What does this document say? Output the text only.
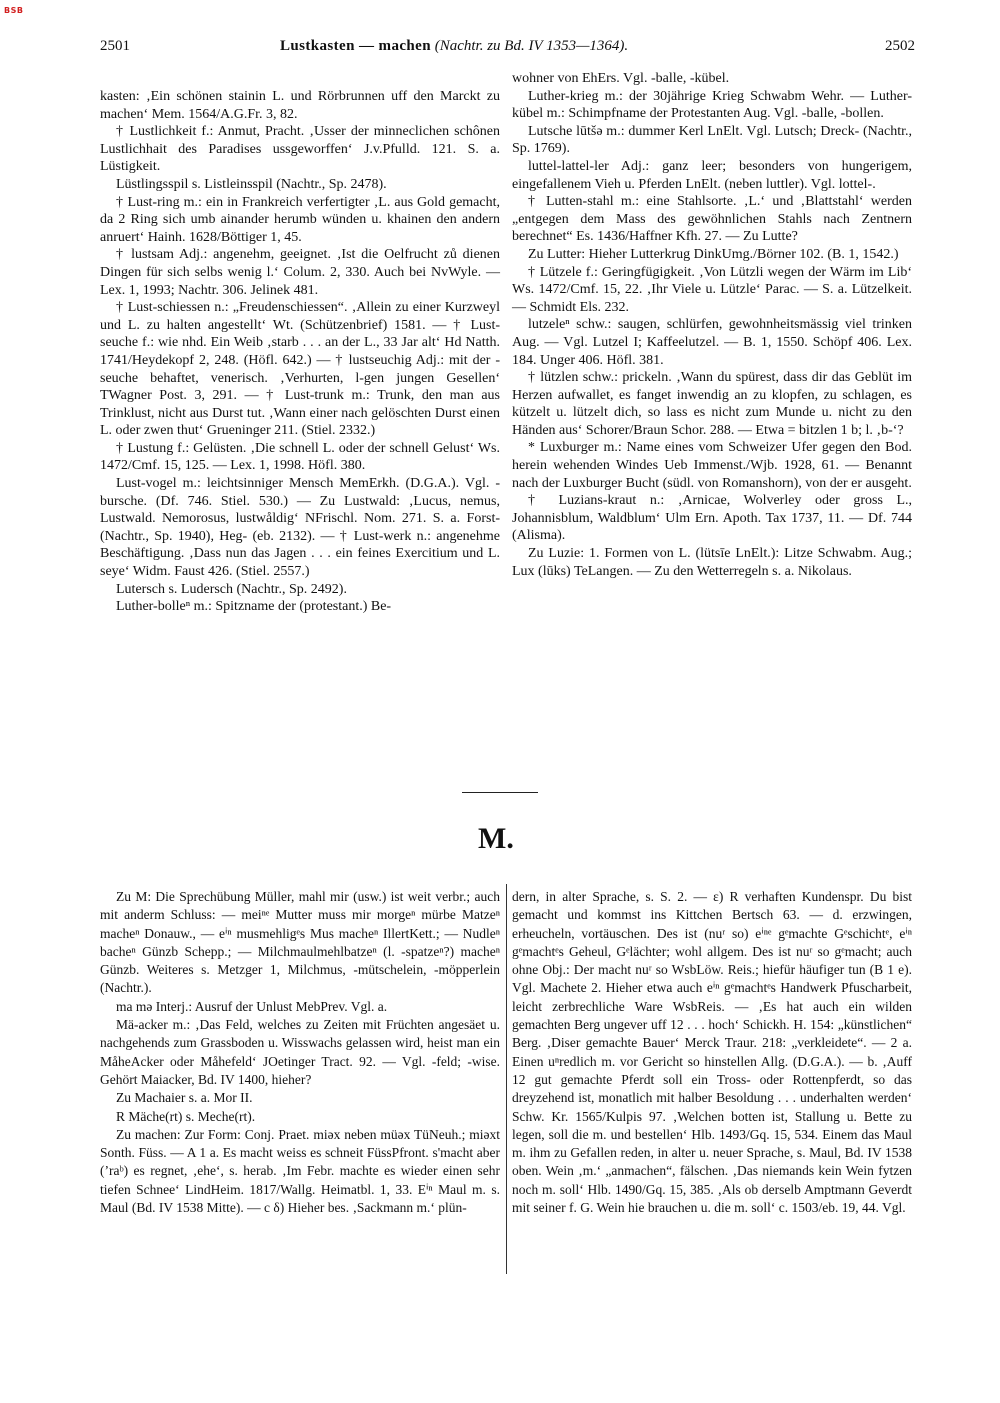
BSB
2501	Lustkasten — machen (Nachtr. zu Bd. IV 1353—1364).	2502

kasten: ‚Ein schönen stainin L. und Rörbrunnen uff den Marckt zu machen‘ Mem. 1564/A.G.Fr. 3, 82.

† Lustlichkeit f.: Anmut, Pracht. ‚Usser der minneclichen schônen Lustlichhait des Paradises ussgeworffen‘ J.v.Pfulld. 121. S. a. Lüstigkeit.

Lüstlingsspil s. Listleinsspil (Nachtr., Sp. 2478).

† Lust-ring m.: ein in Frankreich verfertigter ‚L. aus Gold gemacht, da 2 Ring sich umb ainander herumb wünden u. khainen den andern anruert‘ Hainh. 1628/Böttiger 1, 45.

† lustsam Adj.: angenehm, geeignet. ‚Ist die Oelfrucht zů dienen Dingen für sich selbs wenig l.‘ Colum. 2, 330. Auch bei NvWyle. — Lex. 1, 1993; Nachtr. 306. Jelinek 481.

† Lust-schiessen n.: „Freudenschiessen“. ‚Allein zu einer Kurzweyl und L. zu halten angestellt‘ Wt. (Schützenbrief) 1581. — † Lust-seuche f.: wie nhd. Ein Weib ‚starb . . . an der L., 33 Jar alt‘ Hd Natth. 1741/Heydekopf 2, 248. (Höfl. 642.) — † lustseuchig Adj.: mit der -seuche behaftet, venerisch. ‚Verhurten, l-gen jungen Gesellen‘ TWagner Post. 3, 291. — † Lust-trunk m.: Trunk, den man aus Trinklust, nicht aus Durst tut. ‚Wann einer nach gelöschten Durst einen L. oder zwen thut‘ Grueninger 211. (Stiel. 2332.)

† Lustung f.: Gelüsten. ‚Die schnell L. oder der schnell Gelust‘ Ws. 1472/Cmf. 15, 125. — Lex. 1, 1998. Höfl. 380.

Lust-vogel m.: leichtsinniger Mensch MemErkh. (D.G.A.). Vgl. -bursche. (Df. 746. Stiel. 530.) — Zu Lustwald: ‚Lucus, nemus, Lustwald. Nemorosus, lustwåldig‘ NFrischl. Nom. 271. S. a. Forst- (Nachtr., Sp. 1940), Heg- (eb. 2132). — † Lust-werk n.: angenehme Beschäftigung. ‚Dass nun das Jagen . . . ein feines Exercitium und L. seye‘ Widm. Faust 426. (Stiel. 2557.)

Lutersch s. Ludersch (Nachtr., Sp. 2492).

Luther-bolleⁿ m.: Spitzname der (protestant.) Be-

wohner von EhErs. Vgl. -balle, -kübel.

Luther-krieg m.: der 30jährige Krieg Schwabm Wehr. — Luther-kübel m.: Schimpfname der Protestanten Aug. Vgl. -balle, -bollen.

Lutsche lūtšə m.: dummer Kerl LnElt. Vgl. Lutsch; Dreck- (Nachtr., Sp. 1769).

luttel-lattel-ler Adj.: ganz leer; besonders von hungerigem, eingefallenem Vieh u. Pferden LnElt. (neben luttler). Vgl. lottel-.

† Lutten-stahl m.: eine Stahlsorte. ‚L.‘ und ‚Blattstahl‘ werden „entgegen dem Mass des gewöhnlichen Stahls nach Zentnern berechnet“ Es. 1436/Haffner Kfh. 27. — Zu Lutte?

Zu Lutter: Hieher Lutterkrug DinkUmg./Börner 102. (B. 1, 1542.)

† Lützele f.: Geringfügigkeit. ‚Von Lützli wegen der Wärm im Lib‘ Ws. 1472/Cmf. 15, 22. ‚Ihr Viele u. Lützle‘ Parac. — S. a. Lützelkeit. — Schmidt Els. 232.

lutzeleⁿ schw.: saugen, schlürfen, gewohnheitsmässig viel trinken Aug. — Vgl. Lutzel I; Kaffeelutzel. — B. 1, 1550. Schöpf 406. Lex. 184. Unger 406. Höfl. 381.

† lützlen schw.: prickeln. ‚Wann du spürest, dass dir das Geblüt im Herzen aufwallet, es fanget inwendig an zu klopfen, zu schlagen, es kützelt u. lützelt dich, so lass es nicht zum Munde u. nicht zu den Händen aus‘ Schorer/Braun Schor. 288. — Etwa = bitzlen 1 b; l. ‚b-‘?

* Luxburger m.: Name eines vom Schweizer Ufer gegen den Bod. herein wehenden Windes Ueb Immenst./Wjb. 1928, 61. — Benannt nach der Luxburger Bucht (südl. von Romanshorn), von der er ausgeht.

† Luzians-kraut n.: ‚Arnicae, Wolverley oder gross L., Johannisblum, Waldblum‘ Ulm Ern. Apoth. Tax 1737, 11. — Df. 744 (Alisma).

Zu Luzie: 1. Formen von L. (lütsīe LnElt.): Litze Schwabm. Aug.; Lux (lūks) TeLangen. — Zu den Wetterregeln s. a. Nikolaus.

M.

Zu M: Die Sprechübung Müller, mahl mir (usw.) ist weit verbr.; auch mit anderm Schluss: — meiⁿᵉ Mutter muss mir morgeⁿ mürbe Matzeⁿ macheⁿ Donauw., — eⁱⁿ musmehligᵉs Mus macheⁿ IllertKett.; — Nudleⁿ bacheⁿ Günzb Schepp.; — Milchmaulmehlbatzeⁿ (l. -spatzeⁿ?) macheⁿ Günzb. Weiteres s. Metzger 1, Milchmus, -mütschelein, -möpperlein (Nachtr.).

ma mə Interj.: Ausruf der Unlust MebPrev. Vgl. a.

Mä-acker m.: ‚Das Feld, welches zu Zeiten mit Früchten angesäet u. nachgehends zum Grassboden u. Wisswachs gelassen wird, heist man ein MåheAcker oder Måhefeld‘ JOetinger Tract. 92. — Vgl. -feld; -wise. Gehört Maiacker, Bd. IV 1400, hieher?

Zu Machaier s. a. Mor II.

R Mäche(rt) s. Meche(rt).

Zu machen: Zur Form: Conj. Praet. miəx neben müəx TüNeuh.; miəxt Sonth. Füss. — A 1 a. Es macht weiss es schneit FüssPfront. s'macht aber (ʼraᵇ) es regnet, ‚ehe‘, s. herab. ‚Im Febr. machte es wieder einen sehr tiefen Schnee‘ LindHeim. 1817/Wallg. Heimatbl. 1, 33. Eⁱⁿ Maul m. s. Maul (Bd. IV 1538 Mitte). — c δ) Hieher bes. ‚Sackmann m.‘ plün-

dern, in alter Sprache, s. S. 2. — ε) R verhaften Kundenspr. Du bist gemacht und kommst ins Kittchen Bertsch 63. — d. erzwingen, erheucheln, vortäuschen. Des ist (nuʳ so) eⁱⁿᵉ gᵉmachte Gᵉschichtᵉ, eⁱⁿ gᵉmachtᵉs Geheul, Gᵉlächter; wohl allgem. Des ist nuʳ so gᵉmacht; auch ohne Obj.: Der macht nuʳ so WsbLöw. Reis.; hiefür häufiger tun (B 1 e). Vgl. Machete 2. Hieher etwa auch eⁱⁿ gᵉmachtᵉs Handwerk Pfuscharbeit, leicht zerbrechliche Ware WsbReis. — ‚Es hat auch ein wilden gemachten Berg ungever uff 12 . . . hoch‘ Schickh. H. 154: „künstlichen“ Berg. ‚Diser gemachte Bauer‘ Merck Traur. 218: „verkleidete“. — 2 a. Einen uⁿredlich m. vor Gericht so hinstellen Allg. (D.G.A.). — b. ‚Auff 12 gut gemachte Pferdt soll ein Tross- oder Rottenpferdt, so das dreyzehend ist, monatlich mit halber Besoldung . . . underhalten werden‘ Schw. Kr. 1565/Kulpis 97. ‚Welchen botten ist, Stallung u. Bette zu legen, soll die m. und bestellen‘ Hlb. 1493/Gq. 15, 534. Einem das Maul m. ihm zu Gefallen reden, in alter u. neuer Sprache, s. Maul, Bd. IV 1538 oben. Wein ‚m.‘ „anmachen“, fälschen. ‚Das niemands kein Wein fytzen noch m. soll‘ Hlb. 1490/Gq. 15, 385. ‚Als ob derselb Amptmann Geverdt mit seiner f. G. Wein hie brauchen u. die m. soll‘ c. 1503/eb. 19, 44. Vgl.
